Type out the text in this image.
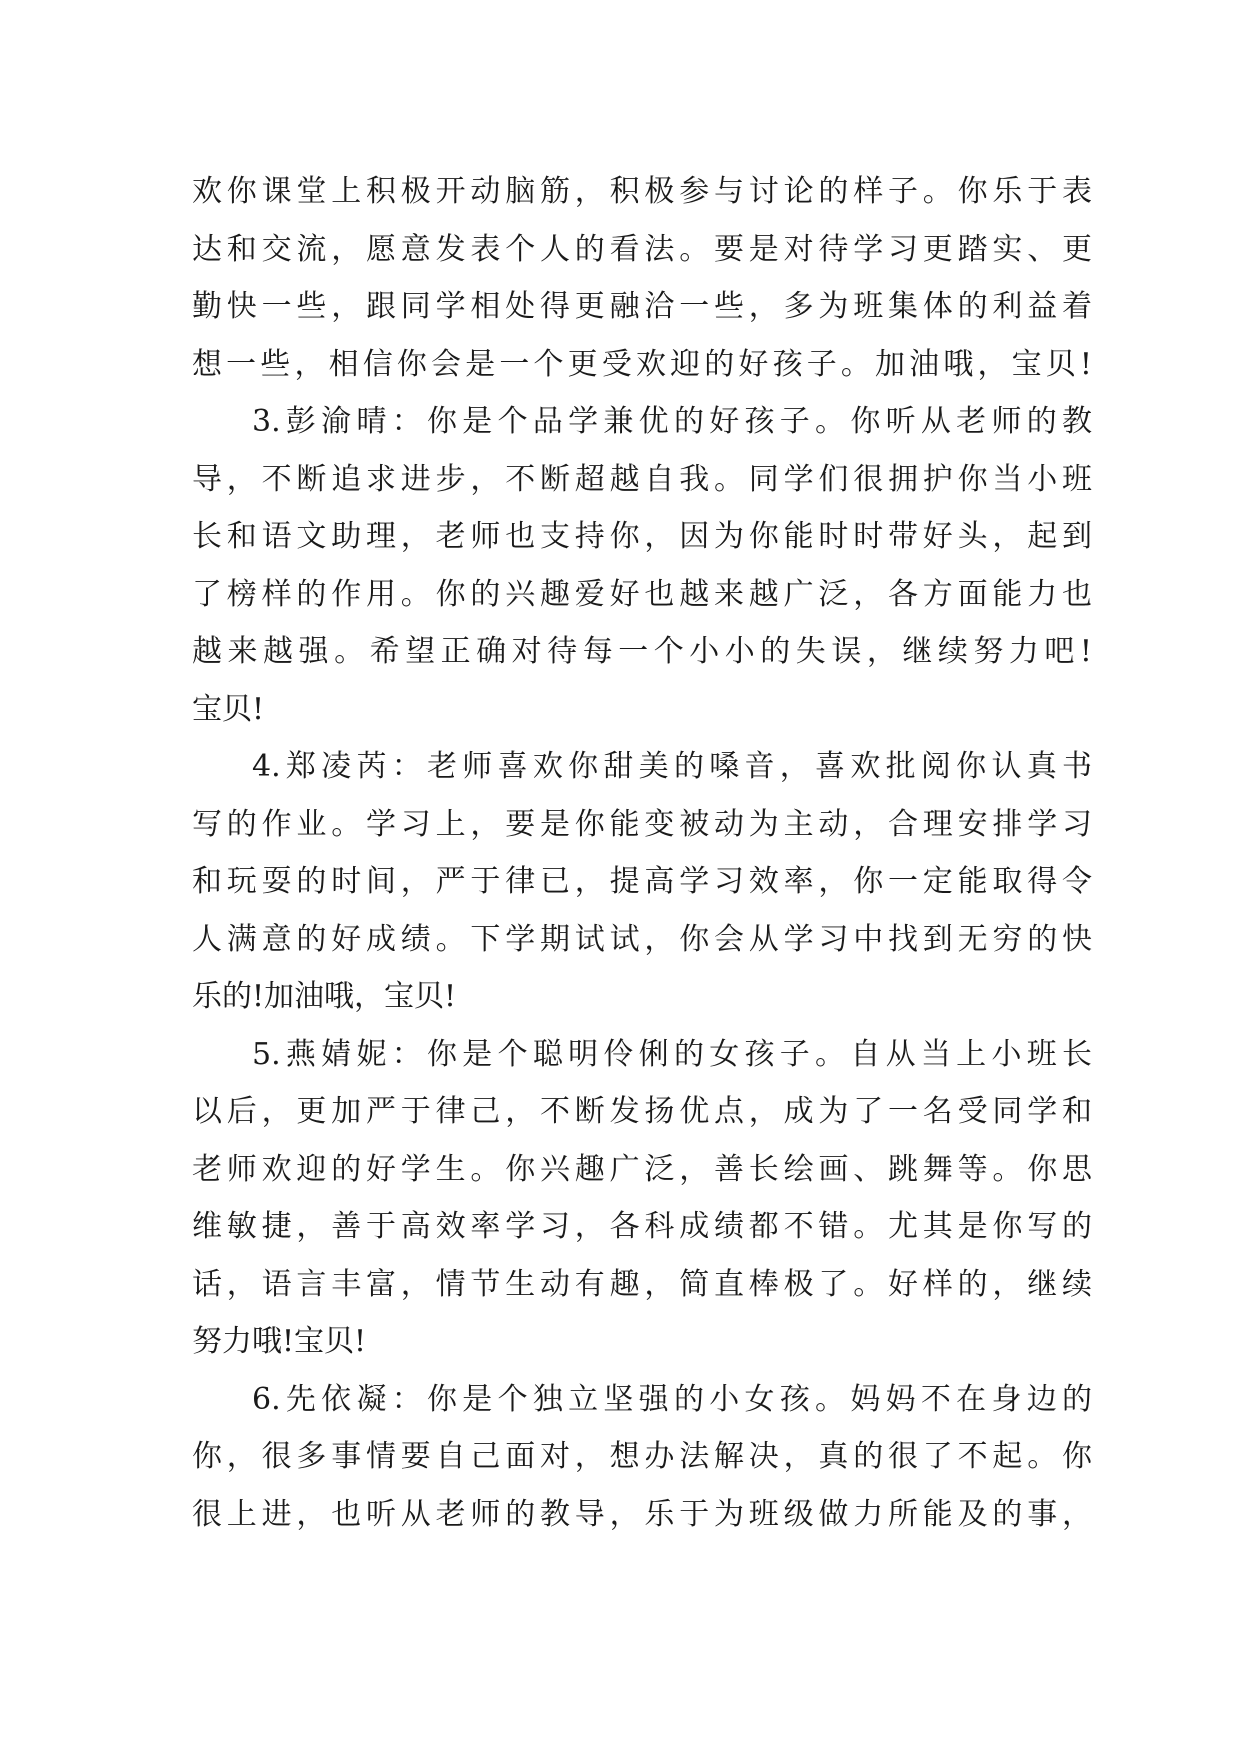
欢你课堂上积极开动脑筋，积极参与讨论的样子。你乐于表
达和交流，愿意发表个人的看法。要是对待学习更踏实、更
勤快一些，跟同学相处得更融洽一些，多为班集体的利益着
想一些，相信你会是一个更受欢迎的好孩子。加油哦，宝贝!
3.彭渝晴：你是个品学兼优的好孩子。你听从老师的教
导，不断追求进步，不断超越自我。同学们很拥护你当小班
长和语文助理，老师也支持你，因为你能时时带好头，起到
了榜样的作用。你的兴趣爱好也越来越广泛，各方面能力也
越来越强。希望正确对待每一个小小的失误，继续努力吧!
宝贝!
4.郑凌芮：老师喜欢你甜美的嗓音，喜欢批阅你认真书
写的作业。学习上，要是你能变被动为主动，合理安排学习
和玩耍的时间，严于律已，提高学习效率，你一定能取得令
人满意的好成绩。下学期试试，你会从学习中找到无穷的快
乐的!加油哦，宝贝!
5.燕婧妮：你是个聪明伶俐的女孩子。自从当上小班长
以后，更加严于律己，不断发扬优点，成为了一名受同学和
老师欢迎的好学生。你兴趣广泛，善长绘画、跳舞等。你思
维敏捷，善于高效率学习，各科成绩都不错。尤其是你写的
话，语言丰富，情节生动有趣，简直棒极了。好样的，继续
努力哦!宝贝!
6.先依凝：你是个独立坚强的小女孩。妈妈不在身边的
你，很多事情要自己面对，想办法解决，真的很了不起。你
很上进，也听从老师的教导，乐于为班级做力所能及的事，
